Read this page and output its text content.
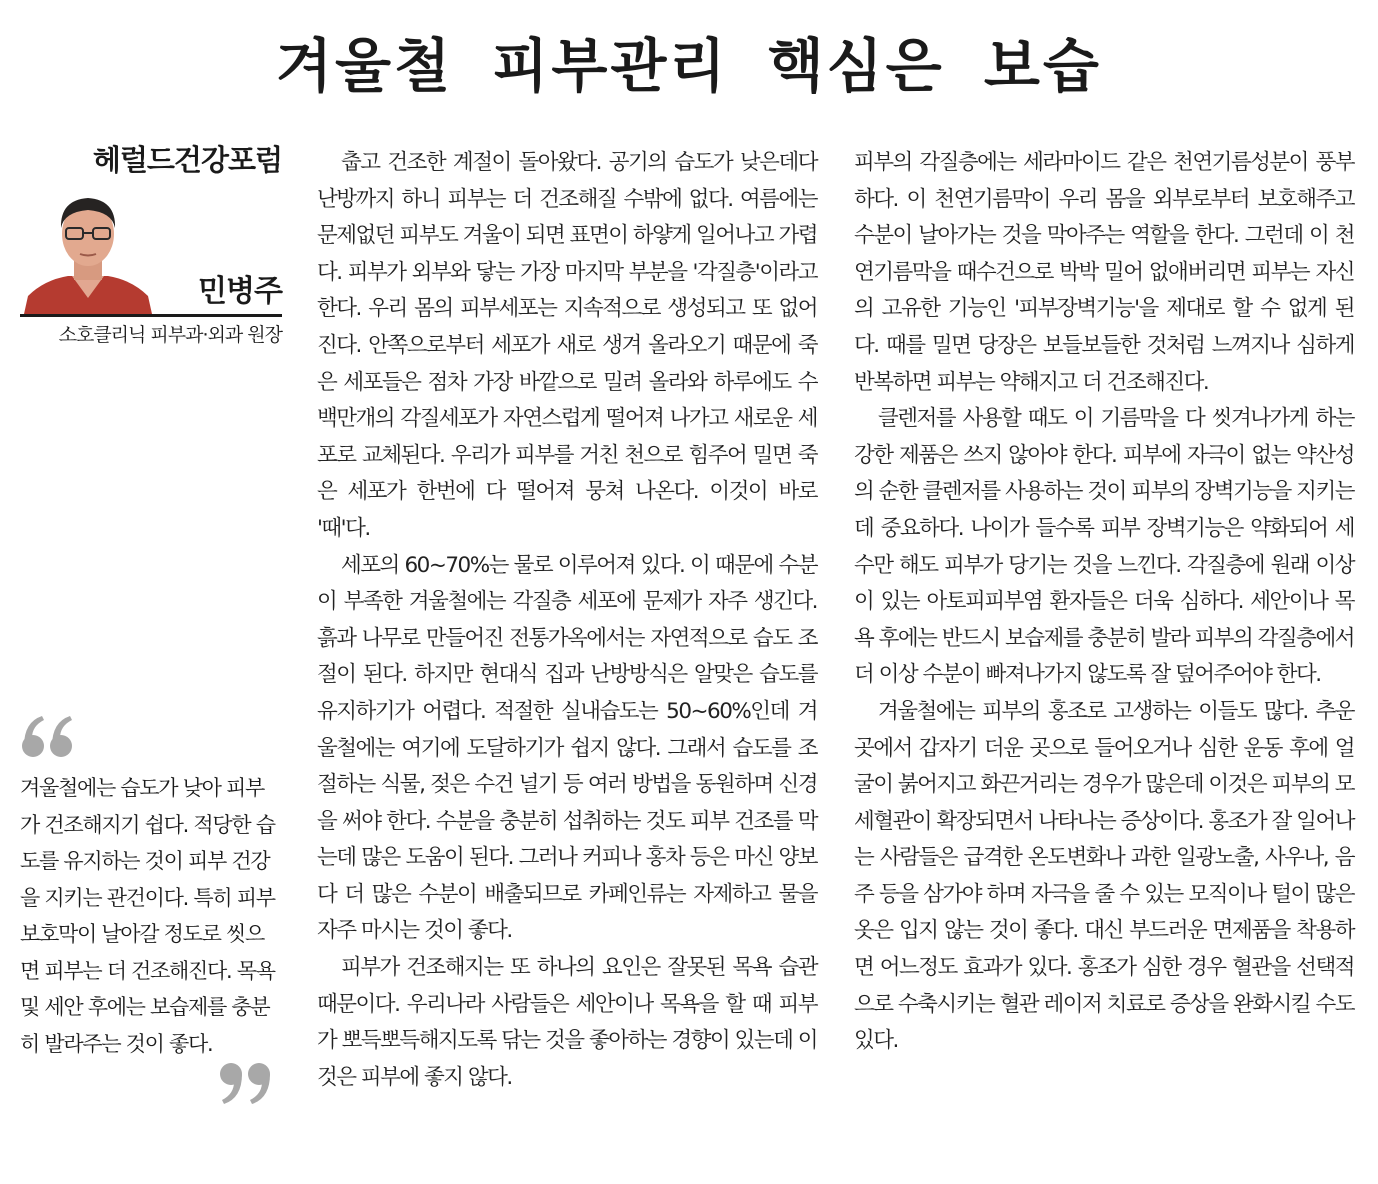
겨울철 피부관리 핵심은 보습
헤럴드건강포럼
민병주
소호클리닉 피부과·외과 원장

겨울철에는 습도가 낮아 피부가 건조해지기 쉽다. 적당한 습도를 유지하는 것이 피부 건강을 지키는 관건이다. 특히 피부 보호막이 날아갈 정도로 씻으면 피부는 더 건조해진다. 목욕 및 세안 후에는 보습제를 충분히 발라주는 것이 좋다.

춥고 건조한 계절이 돌아왔다. 공기의 습도가 낮은데다 난방까지 하니 피부는 더 건조해질 수밖에 없다. 여름에는 문제없던 피부도 겨울이 되면 표면이 하얗게 일어나고 가렵다. 피부가 외부와 닿는 가장 마지막 부분을 '각질층'이라고 한다. 우리 몸의 피부세포는 지속적으로 생성되고 또 없어진다. 안쪽으로부터 세포가 새로 생겨 올라오기 때문에 죽은 세포들은 점차 가장 바깥으로 밀려 올라와 하루에도 수백만개의 각질세포가 자연스럽게 떨어져 나가고 새로운 세포로 교체된다. 우리가 피부를 거친 천으로 힘주어 밀면 죽은 세포가 한번에 다 떨어져 뭉쳐 나온다. 이것이 바로 '때'다.

세포의 60~70%는 물로 이루어져 있다. 이 때문에 수분이 부족한 겨울철에는 각질층 세포에 문제가 자주 생긴다. 흙과 나무로 만들어진 전통가옥에서는 자연적으로 습도 조절이 된다. 하지만 현대식 집과 난방방식은 알맞은 습도를 유지하기가 어렵다. 적절한 실내습도는 50~60%인데 겨울철에는 여기에 도달하기가 쉽지 않다. 그래서 습도를 조절하는 식물, 젖은 수건 널기 등 여러 방법을 동원하며 신경을 써야 한다. 수분을 충분히 섭취하는 것도 피부 건조를 막는데 많은 도움이 된다. 그러나 커피나 홍차 등은 마신 양보다 더 많은 수분이 배출되므로 카페인류는 자제하고 물을 자주 마시는 것이 좋다.

피부가 건조해지는 또 하나의 요인은 잘못된 목욕 습관 때문이다. 우리나라 사람들은 세안이나 목욕을 할 때 피부가 뽀득뽀득해지도록 닦는 것을 좋아하는 경향이 있는데 이것은 피부에 좋지 않다.

피부의 각질층에는 세라마이드 같은 천연기름성분이 풍부하다. 이 천연기름막이 우리 몸을 외부로부터 보호해주고 수분이 날아가는 것을 막아주는 역할을 한다. 그런데 이 천연기름막을 때수건으로 박박 밀어 없애버리면 피부는 자신의 고유한 기능인 '피부장벽기능'을 제대로 할 수 없게 된다. 때를 밀면 당장은 보들보들한 것처럼 느껴지나 심하게 반복하면 피부는 약해지고 더 건조해진다.

클렌저를 사용할 때도 이 기름막을 다 씻겨나가게 하는 강한 제품은 쓰지 않아야 한다. 피부에 자극이 없는 약산성의 순한 클렌저를 사용하는 것이 피부의 장벽기능을 지키는데 중요하다. 나이가 들수록 피부 장벽기능은 약화되어 세수만 해도 피부가 당기는 것을 느낀다. 각질층에 원래 이상이 있는 아토피피부염 환자들은 더욱 심하다. 세안이나 목욕 후에는 반드시 보습제를 충분히 발라 피부의 각질층에서 더 이상 수분이 빠져나가지 않도록 잘 덮어주어야 한다.

겨울철에는 피부의 홍조로 고생하는 이들도 많다. 추운 곳에서 갑자기 더운 곳으로 들어오거나 심한 운동 후에 얼굴이 붉어지고 화끈거리는 경우가 많은데 이것은 피부의 모세혈관이 확장되면서 나타나는 증상이다. 홍조가 잘 일어나는 사람들은 급격한 온도변화나 과한 일광노출, 사우나, 음주 등을 삼가야 하며 자극을 줄 수 있는 모직이나 털이 많은 옷은 입지 않는 것이 좋다. 대신 부드러운 면제품을 착용하면 어느정도 효과가 있다. 홍조가 심한 경우 혈관을 선택적으로 수축시키는 혈관 레이저 치료로 증상을 완화시킬 수도 있다.
